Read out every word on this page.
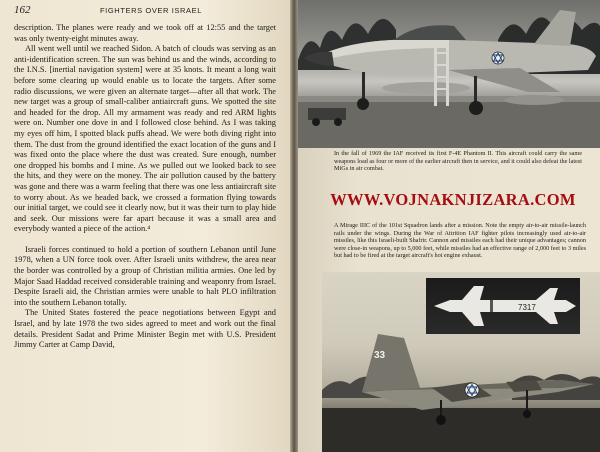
162	FIGHTERS OVER ISRAEL

description. The planes were ready and we took off at 12:55 and the target was only twenty-eight minutes away.

All went well until we reached Sidon. A batch of clouds was serving as an anti-identification screen. The sun was behind us and the winds, according to the I.N.S. [inertial navigation system] were at 35 knots. It meant a long wait before some clearing up would enable us to locate the targets. After some radio discussions, we were given an alternate target—after all that work. The new target was a group of small-caliber antiaircraft guns. We spotted the site and headed for the drop. All my armament was ready and red ARM lights were on. Number one dove in and I followed close behind. As I was taking my eyes off him, I spotted black puffs ahead. We were both diving right into them. The dust from the ground identified the exact location of the guns and I was fixed onto the place where the dust was created. Sure enough, number one dropped his bombs and I mine. As we pulled out we looked back to see the hits, and they were on the money. The air pollution caused by the battery was gone and there was a warm feeling that there was one less antiaircraft site to worry about. As we headed back, we crossed a formation flying towards our initial target, we could see it clearly now, but it was their turn to play hide and seek. Our missions were far apart because it was a small area and everybody wanted a piece of the action.⁴

Israeli forces continued to hold a portion of southern Lebanon until June 1978, when a UN force took over. After Israeli units withdrew, the area near the border was controlled by a group of Christian militia armies. One led by Major Saad Haddad received considerable training and weaponry from Israel. Despite Israeli aid, the Christian armies were unable to halt PLO infiltration into the southern Lebanon totally.

The United States fostered the peace negotiations between Egypt and Israel, and by late 1978 the two sides agreed to meet and work out the final details. President Sadat and Prime Minister Begin met with U.S. President Jimmy Carter at Camp David,

In the fall of 1969 the IAF received its first F-4E Phantom II. This aircraft could carry the same weapons load as four or more of the earlier aircraft then in service, and it could also defeat the latest MiGs in air combat.

WWW.VOJNAKNJIZARA.COM

A Mirage IIIC of the 101st Squadron lands after a mission. Note the empty air-to-air missile-launch rails under the wings. During the War of Attrition IAF fighter pilots increasingly used air-to-air missiles, like this Israeli-built Shafrir. Cannon and missiles each had their unique advantages; cannon were close-in weapons, up to 5,000 feet, while missiles had an effective range of 2,000 feet to 3 miles but had to be fired at the target aircraft's hot engine exhaust.

33
7317
